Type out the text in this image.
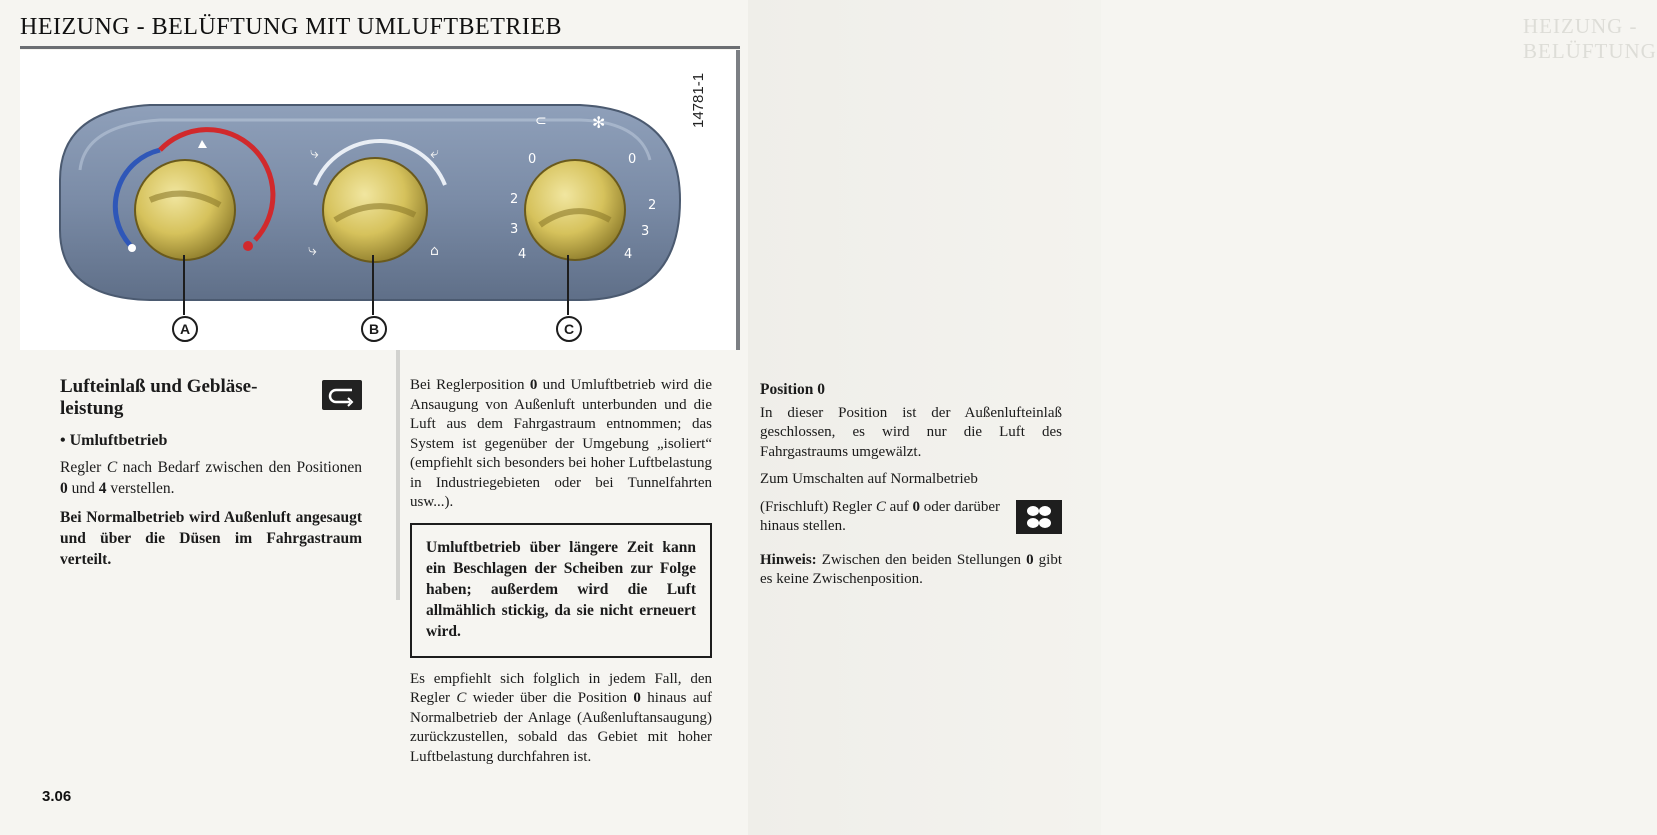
HEIZUNG - BELÜFTUNG
HEIZUNG - BELÜFTUNG MIT UMLUFTBETRIEB
⤷	⤶
⤷	⌂
⊂	✻	14781-1
0
2
3
4
0
2
3
4
A	B	C
Lufteinlaß und Gebläse-leistung
• Umluftbetrieb

Regler C nach Bedarf zwischen den Positionen 0 und 4 verstellen.

Bei Normalbetrieb wird Außenluft angesaugt und über die Düsen im Fahrgastraum verteilt.

Bei Reglerposition 0 und Umluftbetrieb wird die Ansaugung von Außenluft unterbunden und die Luft aus dem Fahrgastraum entnommen; das System ist gegenüber der Umgebung „isoliert“ (empfiehlt sich besonders bei hoher Luftbelastung in Industriegebieten oder bei Tunnelfahrten usw...).

Umluftbetrieb über längere Zeit kann ein Beschlagen der Scheiben zur Folge haben; außerdem wird die Luft allmählich stickig, da sie nicht erneuert wird.

Es empfiehlt sich folglich in jedem Fall, den Regler C wieder über die Position 0 hinaus auf Normalbetrieb der Anlage (Außenluftansaugung) zurückzustellen, sobald das Gebiet mit hoher Luftbelastung durchfahren ist.

Position 0

In dieser Position ist der Außenlufteinlaß geschlossen, es wird nur die Luft des Fahrgastraums umgewälzt.

Zum Umschalten auf Normalbetrieb

(Frischluft) Regler C auf 0 oder darüber hinaus stellen.

Hinweis: Zwischen den beiden Stellungen 0 gibt es keine Zwischenposition.

3.06
